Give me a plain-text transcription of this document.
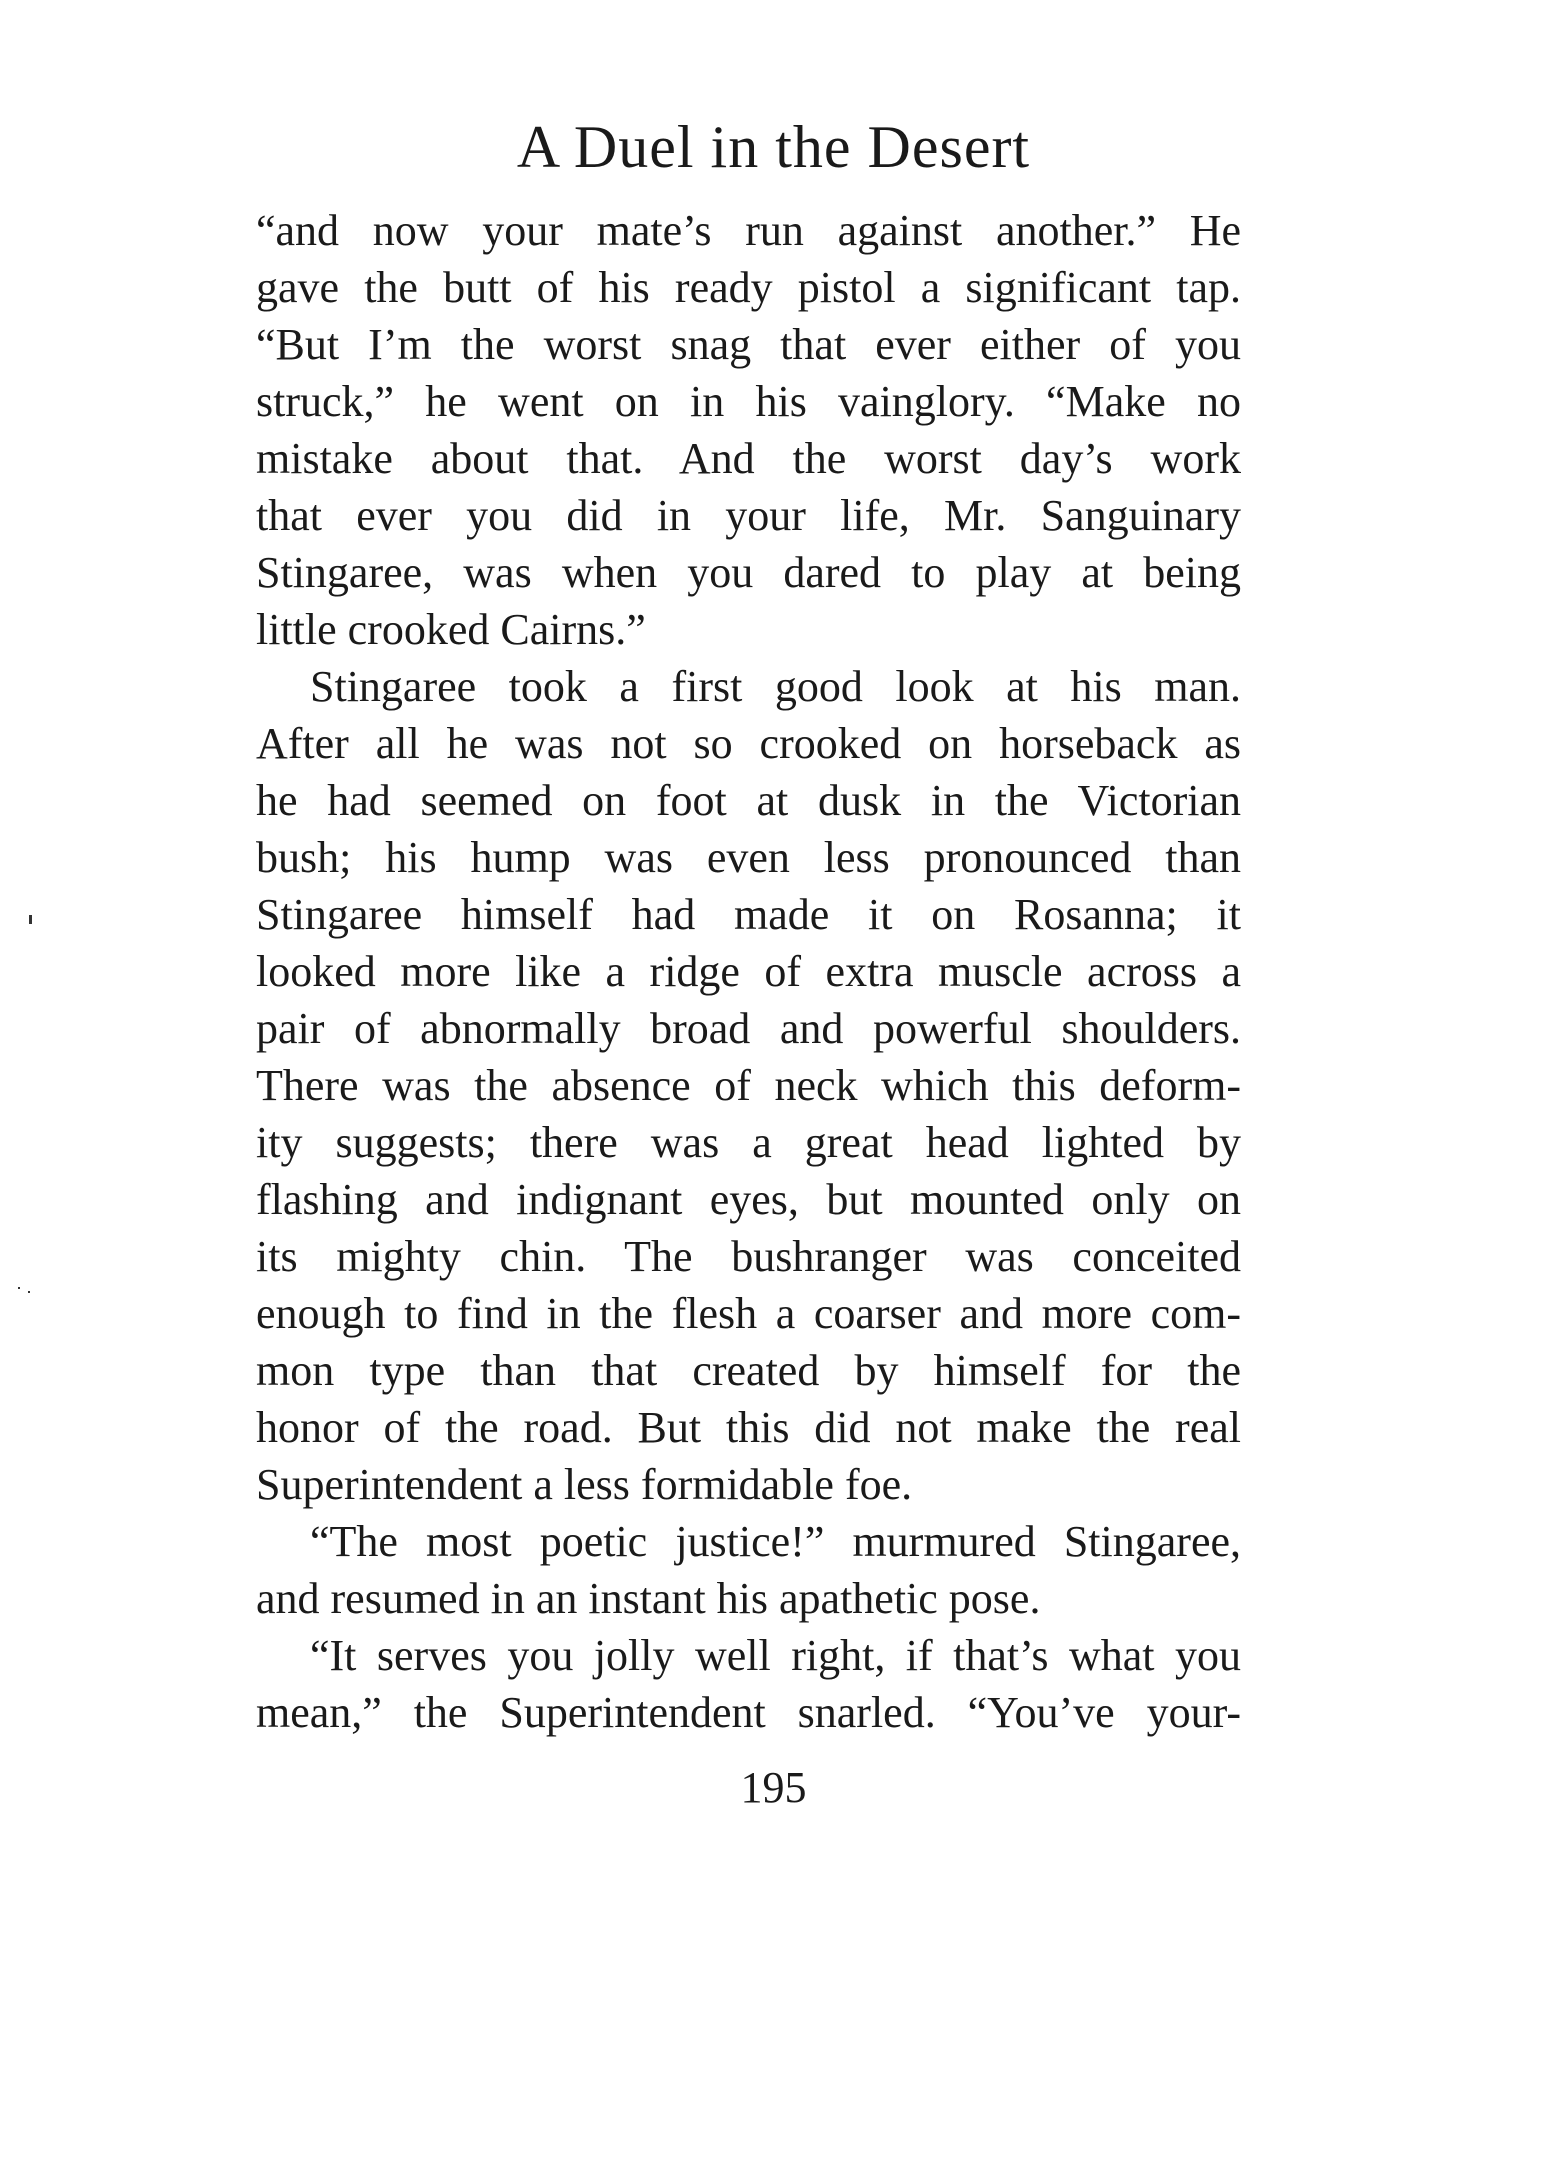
A Duel in the Desert
“and now your mate’s run against another.” He
gave the butt of his ready pistol a significant tap.
“But I’m the worst snag that ever either of you
struck,” he went on in his vainglory. “Make no
mistake about that. And the worst day’s work
that ever you did in your life, Mr. Sanguinary
Stingaree, was when you dared to play at being
little crooked Cairns.”
Stingaree took a first good look at his man.
After all he was not so crooked on horseback as
he had seemed on foot at dusk in the Victorian
bush; his hump was even less pronounced than
Stingaree himself had made it on Rosanna; it
looked more like a ridge of extra muscle across a
pair of abnormally broad and powerful shoulders.
There was the absence of neck which this deform-
ity suggests; there was a great head lighted by
flashing and indignant eyes, but mounted only on
its mighty chin. The bushranger was conceited
enough to find in the flesh a coarser and more com-
mon type than that created by himself for the
honor of the road. But this did not make the real
Superintendent a less formidable foe.
“The most poetic justice!” murmured Stingaree,
and resumed in an instant his apathetic pose.
“It serves you jolly well right, if that’s what you
mean,” the Superintendent snarled. “You’ve your-
195
